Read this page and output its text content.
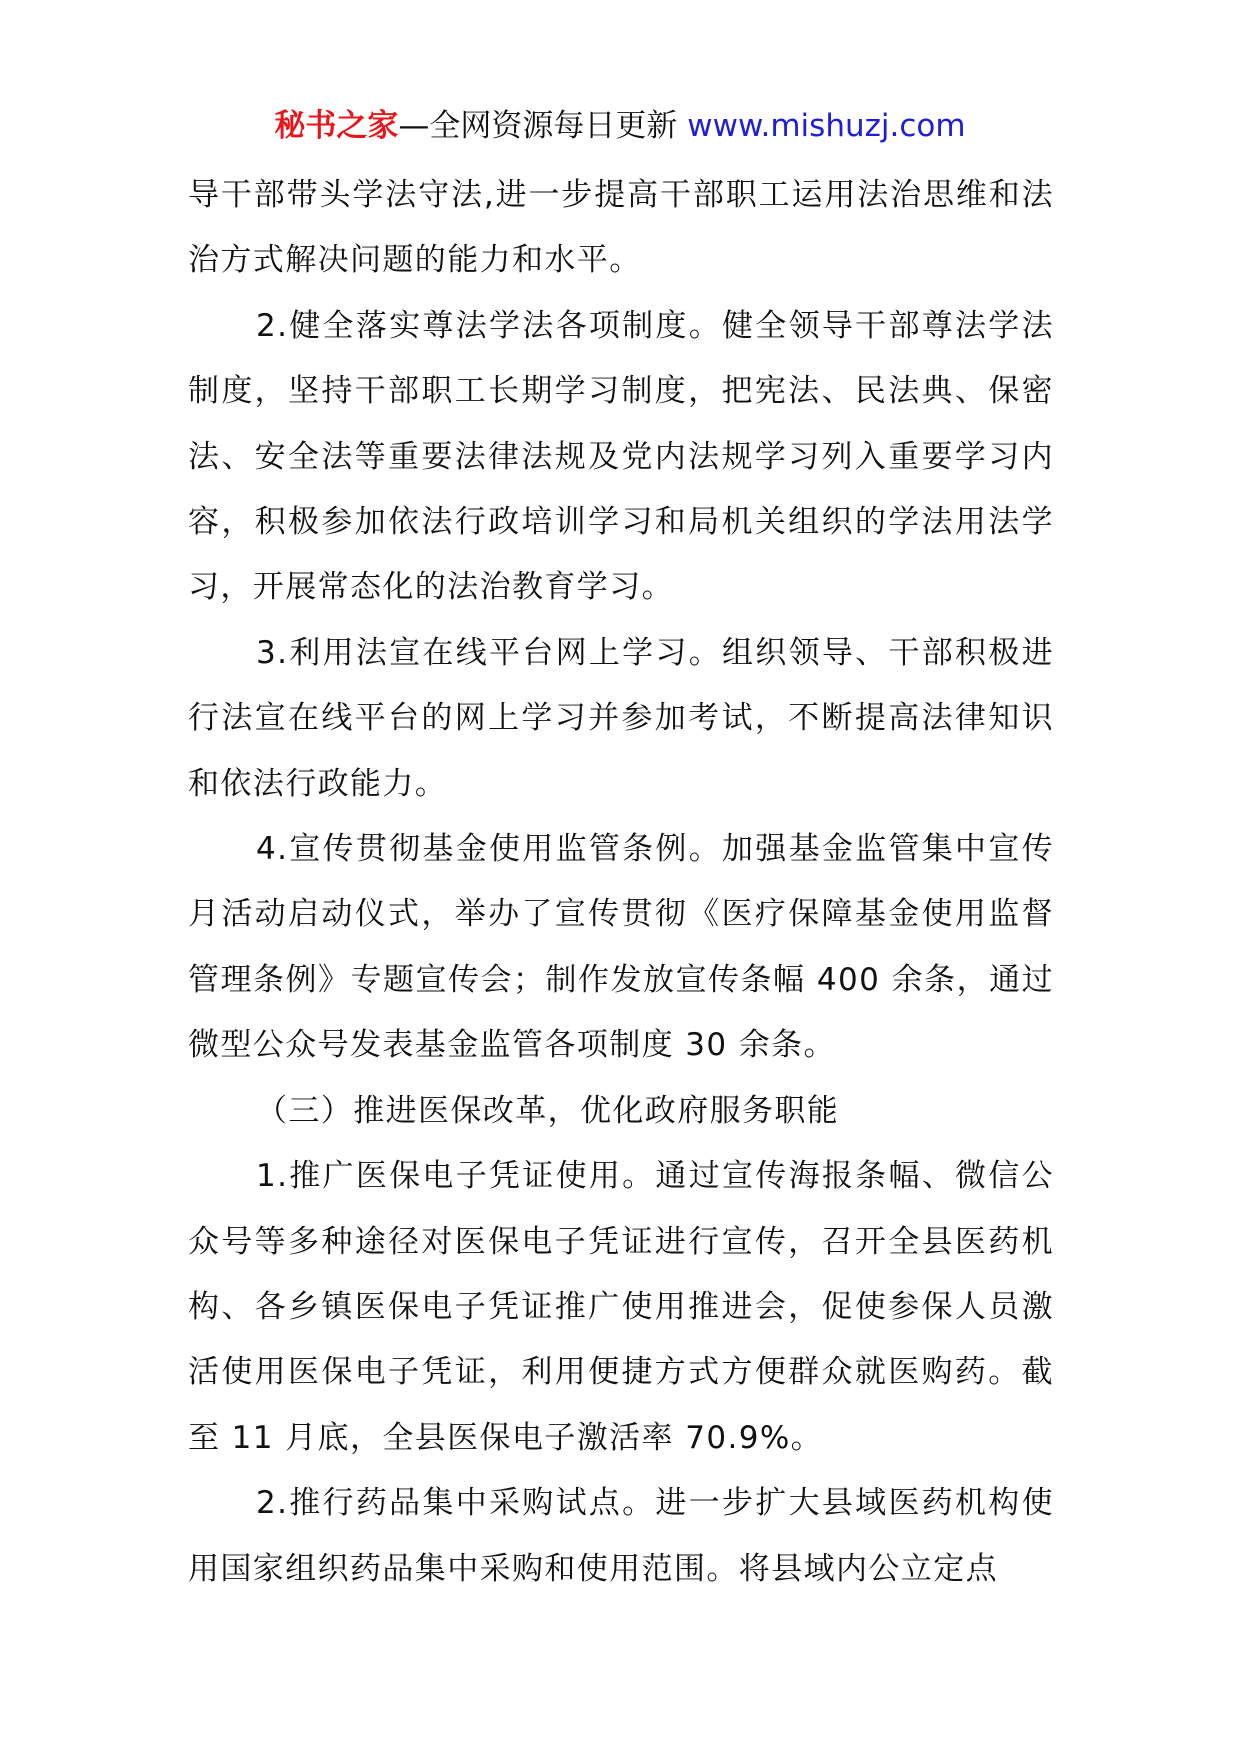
秘书之家—全网资源每日更新 www.mishuzj.com

导干部带头学法守法,进一步提高干部职工运用法治思维和法治方式解决问题的能力和水平。

2.健全落实尊法学法各项制度。健全领导干部尊法学法制度，坚持干部职工长期学习制度，把宪法、民法典、保密法、安全法等重要法律法规及党内法规学习列入重要学习内容，积极参加依法行政培训学习和局机关组织的学法用法学习，开展常态化的法治教育学习。

3.利用法宣在线平台网上学习。组织领导、干部积极进行法宣在线平台的网上学习并参加考试，不断提高法律知识和依法行政能力。

4.宣传贯彻基金使用监管条例。加强基金监管集中宣传月活动启动仪式，举办了宣传贯彻《医疗保障基金使用监督管理条例》专题宣传会；制作发放宣传条幅 400 余条，通过微型公众号发表基金监管各项制度 30 余条。

（三）推进医保改革，优化政府服务职能

1.推广医保电子凭证使用。通过宣传海报条幅、微信公众号等多种途径对医保电子凭证进行宣传，召开全县医药机构、各乡镇医保电子凭证推广使用推进会，促使参保人员激活使用医保电子凭证，利用便捷方式方便群众就医购药。截至 11 月底，全县医保电子激活率 70.9%。

2.推行药品集中采购试点。进一步扩大县域医药机构使用国家组织药品集中采购和使用范围。将县域内公立定点
